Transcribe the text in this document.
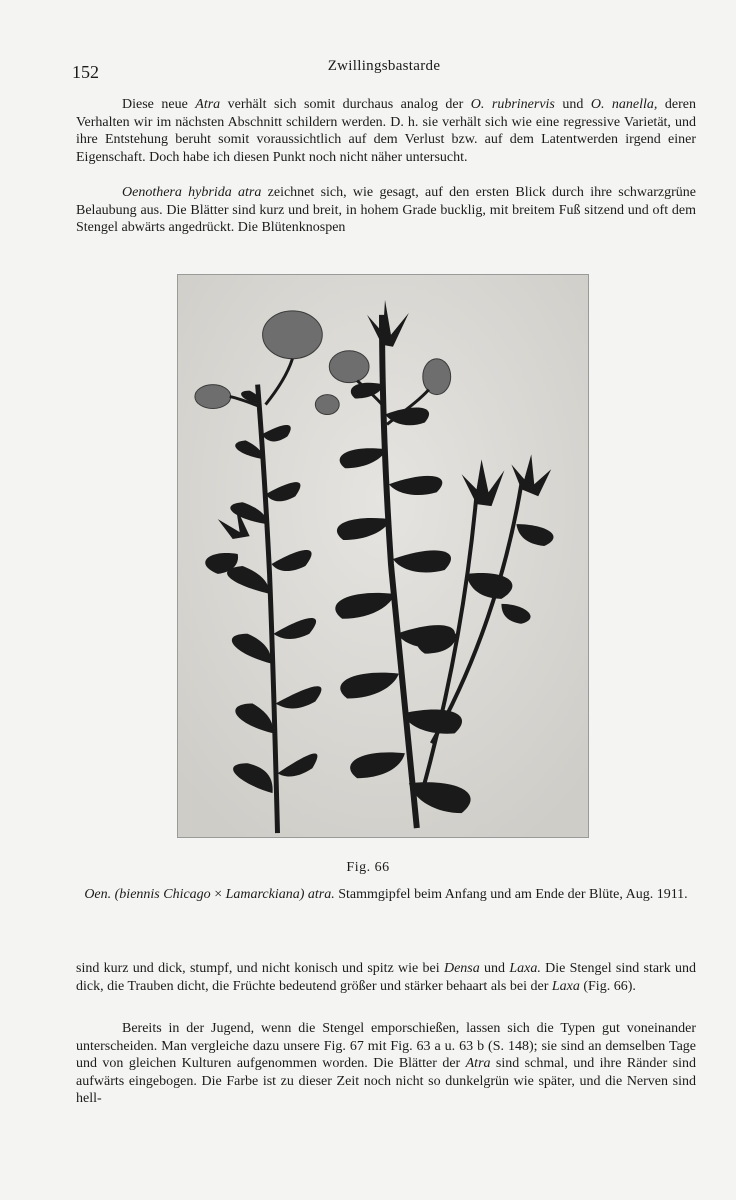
152	Zwillingsbastarde

Diese neue Atra verhält sich somit durchaus analog der O. rubrinervis und O. nanella, deren Verhalten wir im nächsten Abschnitt schildern werden. D. h. sie verhält sich wie eine regressive Varietät, und ihre Entstehung beruht somit voraussichtlich auf dem Verlust bzw. auf dem Latentwerden irgend einer Eigenschaft. Doch habe ich diesen Punkt noch nicht näher untersucht.

Oenothera hybrida atra zeichnet sich, wie gesagt, auf den ersten Blick durch ihre schwarzgrüne Belaubung aus. Die Blätter sind kurz und breit, in hohem Grade bucklig, mit breitem Fuß sitzend und oft dem Stengel abwärts angedrückt. Die Blütenknospen

Fig. 66
Oen. (biennis Chicago × Lamarckiana) atra. Stammgipfel beim Anfang und am Ende der Blüte, Aug. 1911.

sind kurz und dick, stumpf, und nicht konisch und spitz wie bei Densa und Laxa. Die Stengel sind stark und dick, die Trauben dicht, die Früchte bedeutend größer und stärker behaart als bei der Laxa (Fig. 66).

Bereits in der Jugend, wenn die Stengel emporschießen, lassen sich die Typen gut voneinander unterscheiden. Man vergleiche dazu unsere Fig. 67 mit Fig. 63 a u. 63 b (S. 148); sie sind an demselben Tage und von gleichen Kulturen aufgenommen worden. Die Blätter der Atra sind schmal, und ihre Ränder sind aufwärts eingebogen. Die Farbe ist zu dieser Zeit noch nicht so dunkelgrün wie später, und die Nerven sind hell-
